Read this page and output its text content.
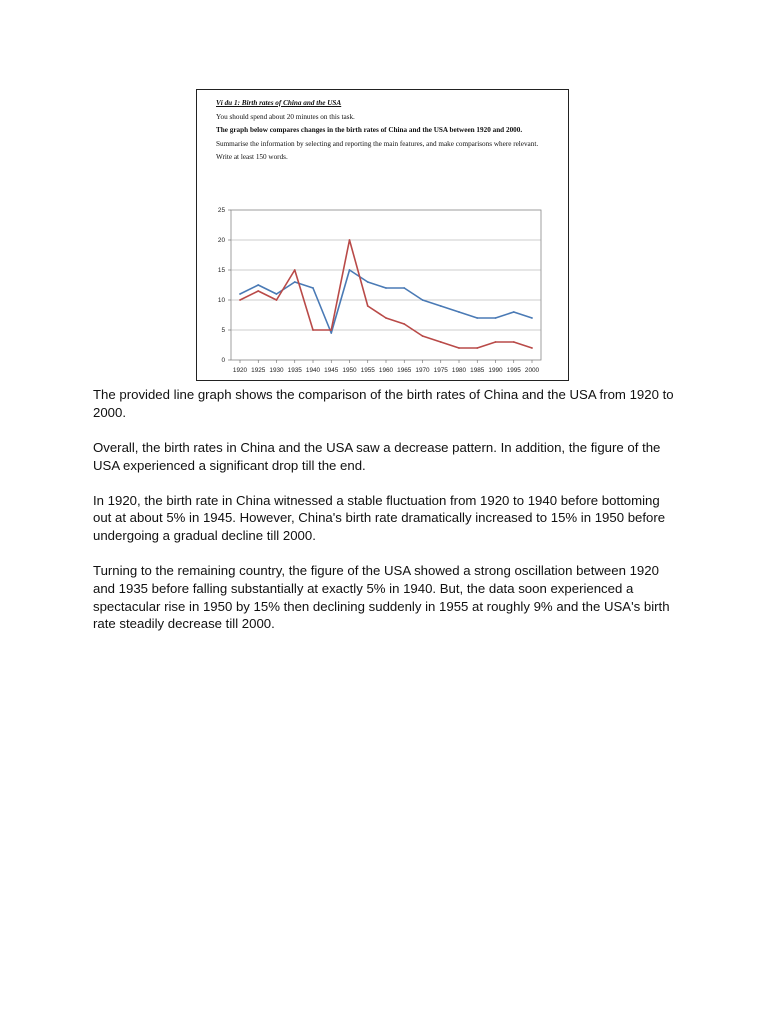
Ví du 1: Birth rates of China and the USA

You should spend about 20 minutes on this task.

The graph below compares changes in the birth rates of China and the USA between 1920 and 2000.

Summarise the information by selecting and reporting the main features, and make comparisons where relevant.

Write at least 150 words.

0
5
10
15
20
25
1920 1925 1930 1935 1940 1945 1950 1955 1960 1965 1970 1975 1980 1985 1990 1995 2000

The provided line graph shows the comparison of the birth rates of China and the USA from 1920 to 2000.

Overall, the birth rates in China and the USA saw a decrease pattern. In addition, the figure of the USA experienced a significant drop till the end.

In 1920, the birth rate in China witnessed a stable fluctuation from 1920 to 1940 before bottoming out at about 5% in 1945. However, China's birth rate dramatically increased to 15% in 1950 before undergoing a gradual decline till 2000.

Turning to the remaining country, the figure of the USA showed a strong oscillation between 1920 and 1935 before falling substantially at exactly 5% in 1940. But, the data soon experienced a spectacular rise in 1950 by 15% then declining suddenly in 1955 at roughly 9% and the USA's birth rate steadily decrease till 2000.
